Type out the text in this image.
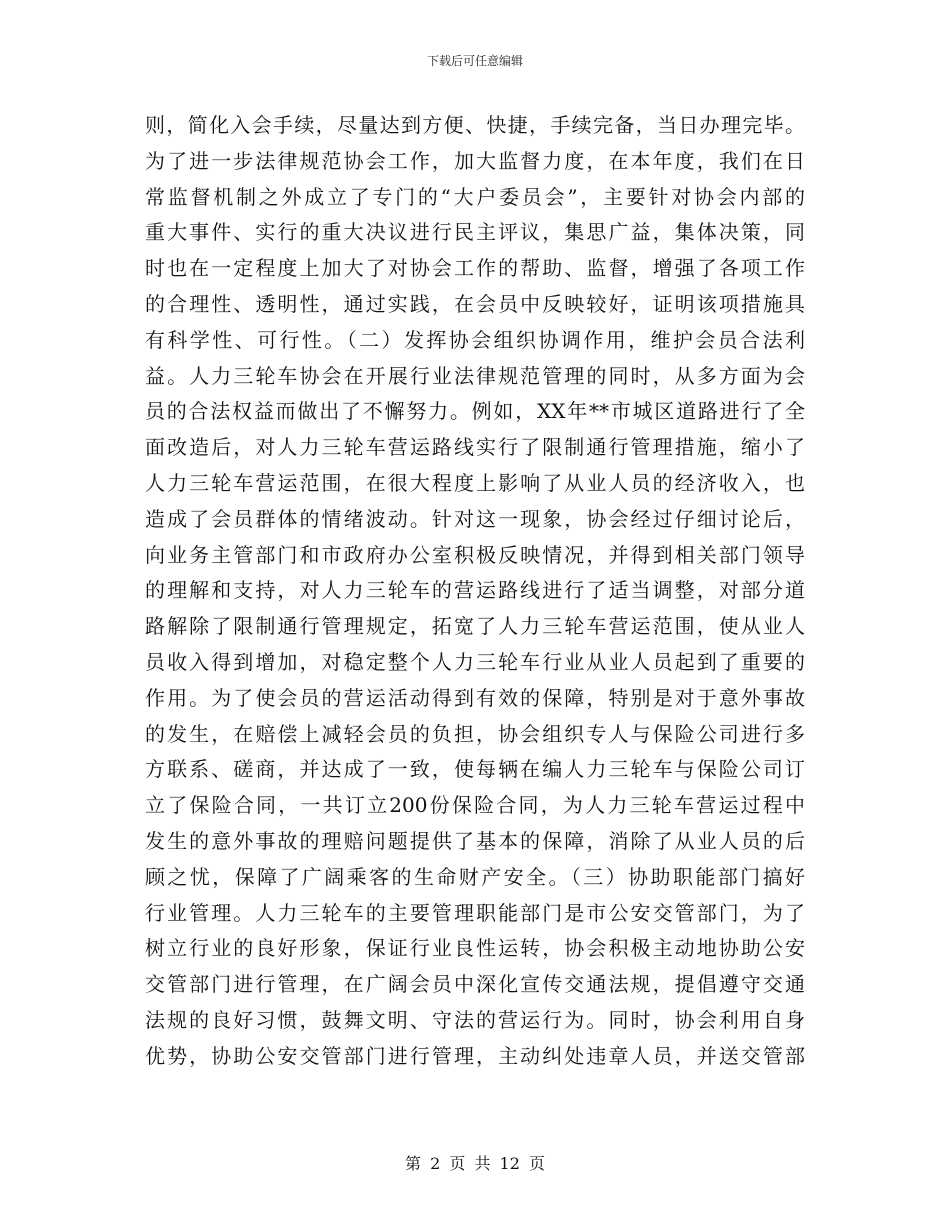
下载后可任意编辑
则，简化入会手续，尽量达到方便、快捷，手续完备，当日办理完毕。
为了进一步法律规范协会工作，加大监督力度，在本年度，我们在日
常监督机制之外成立了专门的“大户委员会”，主要针对协会内部的
重大事件、实行的重大决议进行民主评议，集思广益，集体决策，同
时也在一定程度上加大了对协会工作的帮助、监督，增强了各项工作
的合理性、透明性，通过实践，在会员中反映较好，证明该项措施具
有科学性、可行性。（二）发挥协会组织协调作用，维护会员合法利
益。人力三轮车协会在开展行业法律规范管理的同时，从多方面为会
员的合法权益而做出了不懈努力。例如，XX年**市城区道路进行了全
面改造后，对人力三轮车营运路线实行了限制通行管理措施，缩小了
人力三轮车营运范围，在很大程度上影响了从业人员的经济收入，也
造成了会员群体的情绪波动。针对这一现象，协会经过仔细讨论后，
向业务主管部门和市政府办公室积极反映情况，并得到相关部门领导
的理解和支持，对人力三轮车的营运路线进行了适当调整，对部分道
路解除了限制通行管理规定，拓宽了人力三轮车营运范围，使从业人
员收入得到增加，对稳定整个人力三轮车行业从业人员起到了重要的
作用。为了使会员的营运活动得到有效的保障，特别是对于意外事故
的发生，在赔偿上减轻会员的负担，协会组织专人与保险公司进行多
方联系、磋商，并达成了一致，使每辆在编人力三轮车与保险公司订
立了保险合同，一共订立200份保险合同，为人力三轮车营运过程中
发生的意外事故的理赔问题提供了基本的保障，消除了从业人员的后
顾之忧，保障了广阔乘客的生命财产安全。（三）协助职能部门搞好
行业管理。人力三轮车的主要管理职能部门是市公安交管部门，为了
树立行业的良好形象，保证行业良性运转，协会积极主动地协助公安
交管部门进行管理，在广阔会员中深化宣传交通法规，提倡遵守交通
法规的良好习惯，鼓舞文明、守法的营运行为。同时，协会利用自身
优势，协助公安交管部门进行管理，主动纠处违章人员，并送交管部
第 2 页 共 12 页
